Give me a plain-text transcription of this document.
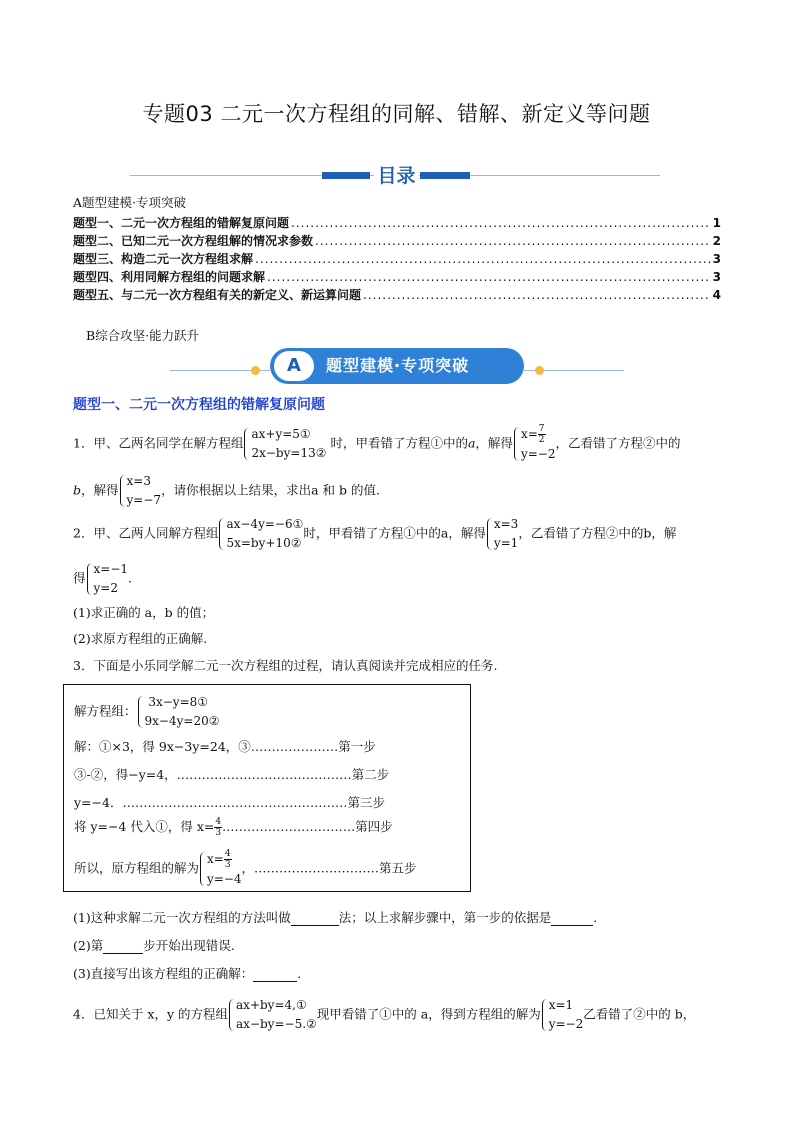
专题03 二元一次方程组的同解、错解、新定义等问题
目录
A题型建模·专项突破
题型一、二元一次方程组的错解复原问题 .....	1
题型二、已知二元一次方程组解的情况求参数 .....	2
题型三、构造二元一次方程组求解 .....	3
题型四、利用同解方程组的问题求解 .....	3
题型五、与二元一次方程组有关的新定义、新运算问题 .....	4
B综合攻坚·能力跃升
A	题型建模·专项突破
题型一、二元一次方程组的错解复原问题
1．甲、乙两名同学在解方程组
ax+y=5①
2x−by=13②
时，甲看错了方程①中的a，解得
$x= \frac{7}{2}$
y=−2
，乙看错了方程②中的
b，解得
x=3
y=−7
，请你根据以上结果，求出a 和 b 的值.
2．甲、乙两人同解方程组
ax−4y=−6①
5x=by+10②
时，甲看错了方程①中的a，解得
x=3
y=1
，乙看错了方程②中的b，解
得
x=−1
y=2
.
(1)求正确的 a，b 的值；
(2)求原方程组的正确解.
3．下面是小乐同学解二元一次方程组的过程，请认真阅读并完成相应的任务.
解方程组：
3x−y=8①
9x−4y=20②
解：①×3，得 9x−3y=24，③…………………第一步
③-②，得−y=4，……………………………………第二步
y=−4．………………………………………………第三步
将 y=−4 代入①，得 $x= \frac{4}{3}$ .………………………….第四步
所以，原方程组的解为
$x= \frac{4}{3}$
y=−4
，…………………………第五步
(1)这种求解二元一次方程组的方法叫做	法；以上求解步骤中，第一步的依据是	.
(2)第	步开始出现错误.
(3)直接写出该方程组的正确解：	.
4．已知关于 x，y 的方程组
ax+by=4,①
ax−by=−5.②
现甲看错了①中的 a，得到方程组的解为
x=1
y=−2
乙看错了②中的 b，
